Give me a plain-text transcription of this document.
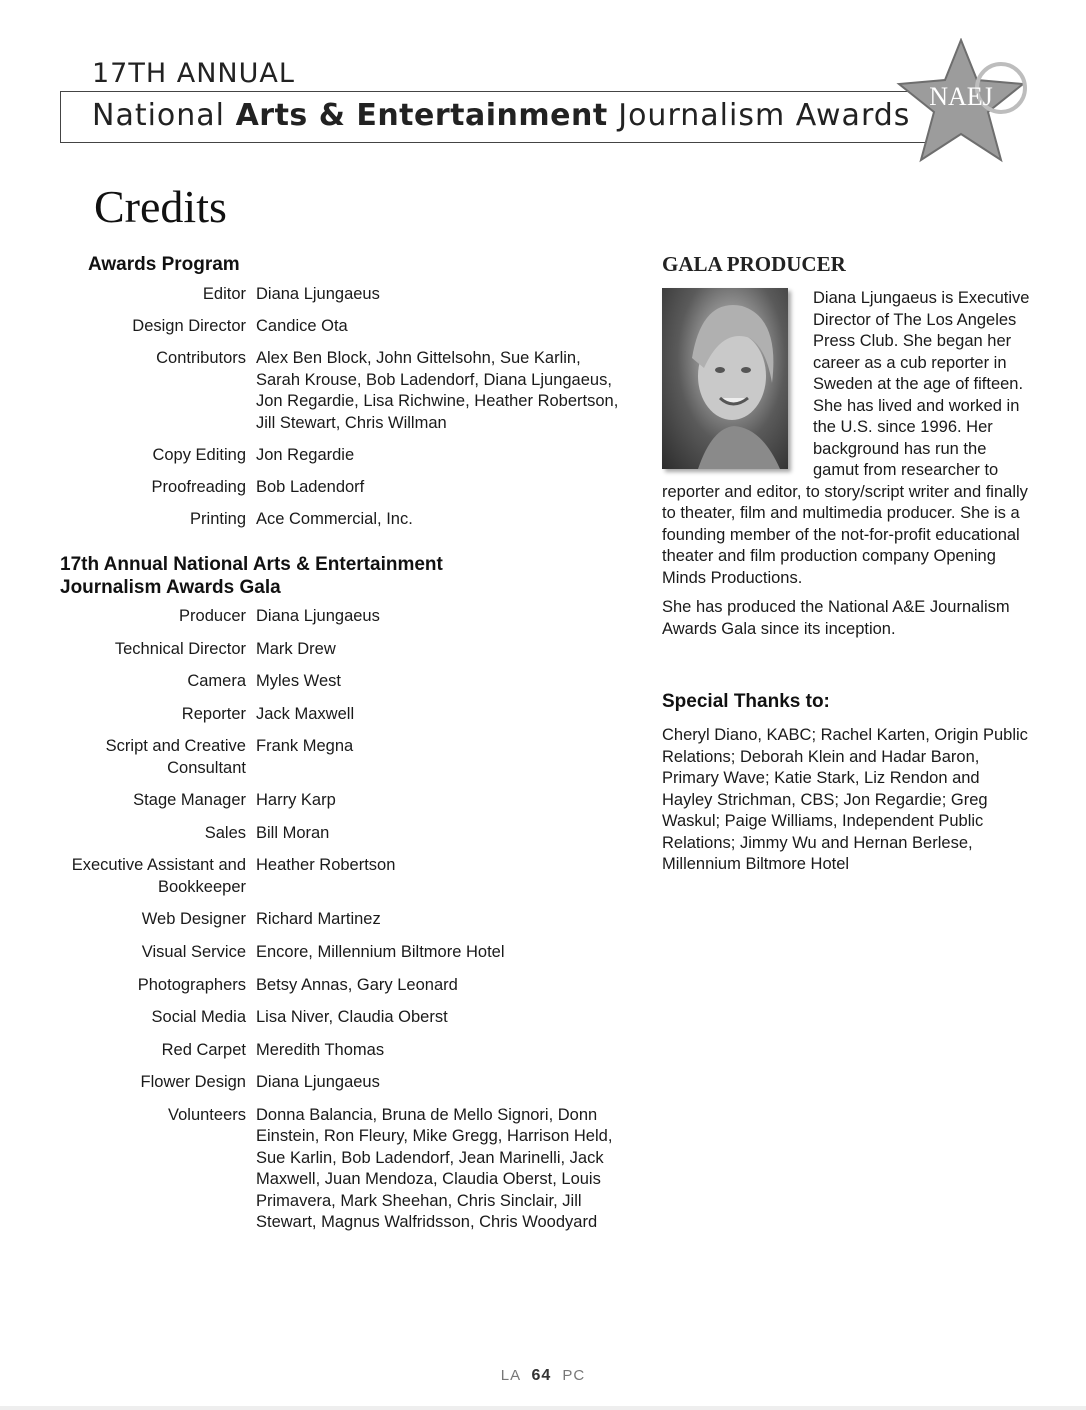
17TH ANNUAL
National Arts & Entertainment Journalism Awards
NAEJ
Credits
Awards Program
Editor Diana Ljungaeus
Design Director Candice Ota
Contributors Alex Ben Block, John Gittelsohn, Sue Karlin, Sarah Krouse, Bob Ladendorf, Diana Ljungaeus, Jon Regardie, Lisa Richwine, Heather Robertson, Jill Stewart, Chris Willman
Copy Editing Jon Regardie
Proofreading Bob Ladendorf
Printing Ace Commercial, Inc.
17th Annual National Arts & Entertainment
Journalism Awards Gala
Producer Diana Ljungaeus
Technical Director Mark Drew
Camera Myles West
Reporter Jack Maxwell
Script and Creative Consultant
Frank Megna
Stage Manager Harry Karp
Sales Bill Moran
Executive Assistant and Bookkeeper
Heather Robertson
Web Designer Richard Martinez
Visual Service Encore, Millennium Biltmore Hotel
Photographers Betsy Annas, Gary Leonard
Social Media Lisa Niver, Claudia Oberst
Red Carpet Meredith Thomas
Flower Design Diana Ljungaeus
Volunteers Donna Balancia, Bruna de Mello Signori, Donn Einstein, Ron Fleury, Mike Gregg, Harrison Held, Sue Karlin, Bob Ladendorf, Jean Marinelli, Jack Maxwell, Juan Mendoza, Claudia Oberst, Louis Primavera, Mark Sheehan, Chris Sinclair, Jill Stewart, Magnus Walfridsson, Chris Woodyard
GALA PRODUCER

Diana Ljungaeus is Executive Director of The Los Angeles Press Club. She began her career as a cub reporter in Sweden at the age of fifteen. She has lived and worked in the U.S. since 1996. Her background has run the gamut from researcher to reporter and editor, to story/script writer and finally to theater, film and multimedia producer. She is a founding member of the not-for-profit educational theater and film production company Opening Minds Productions.

She has produced the National A&E Journalism Awards Gala since its inception.

Special Thanks to:
Cheryl Diano, KABC; Rachel Karten, Origin Public Relations; Deborah Klein and Hadar Baron, Primary Wave; Katie Stark, Liz Rendon and Hayley Strichman, CBS; Jon Regardie; Greg Waskul; Paige Williams, Independent Public Relations; Jimmy Wu and Hernan Berlese, Millennium Biltmore Hotel
LA 64 PC
